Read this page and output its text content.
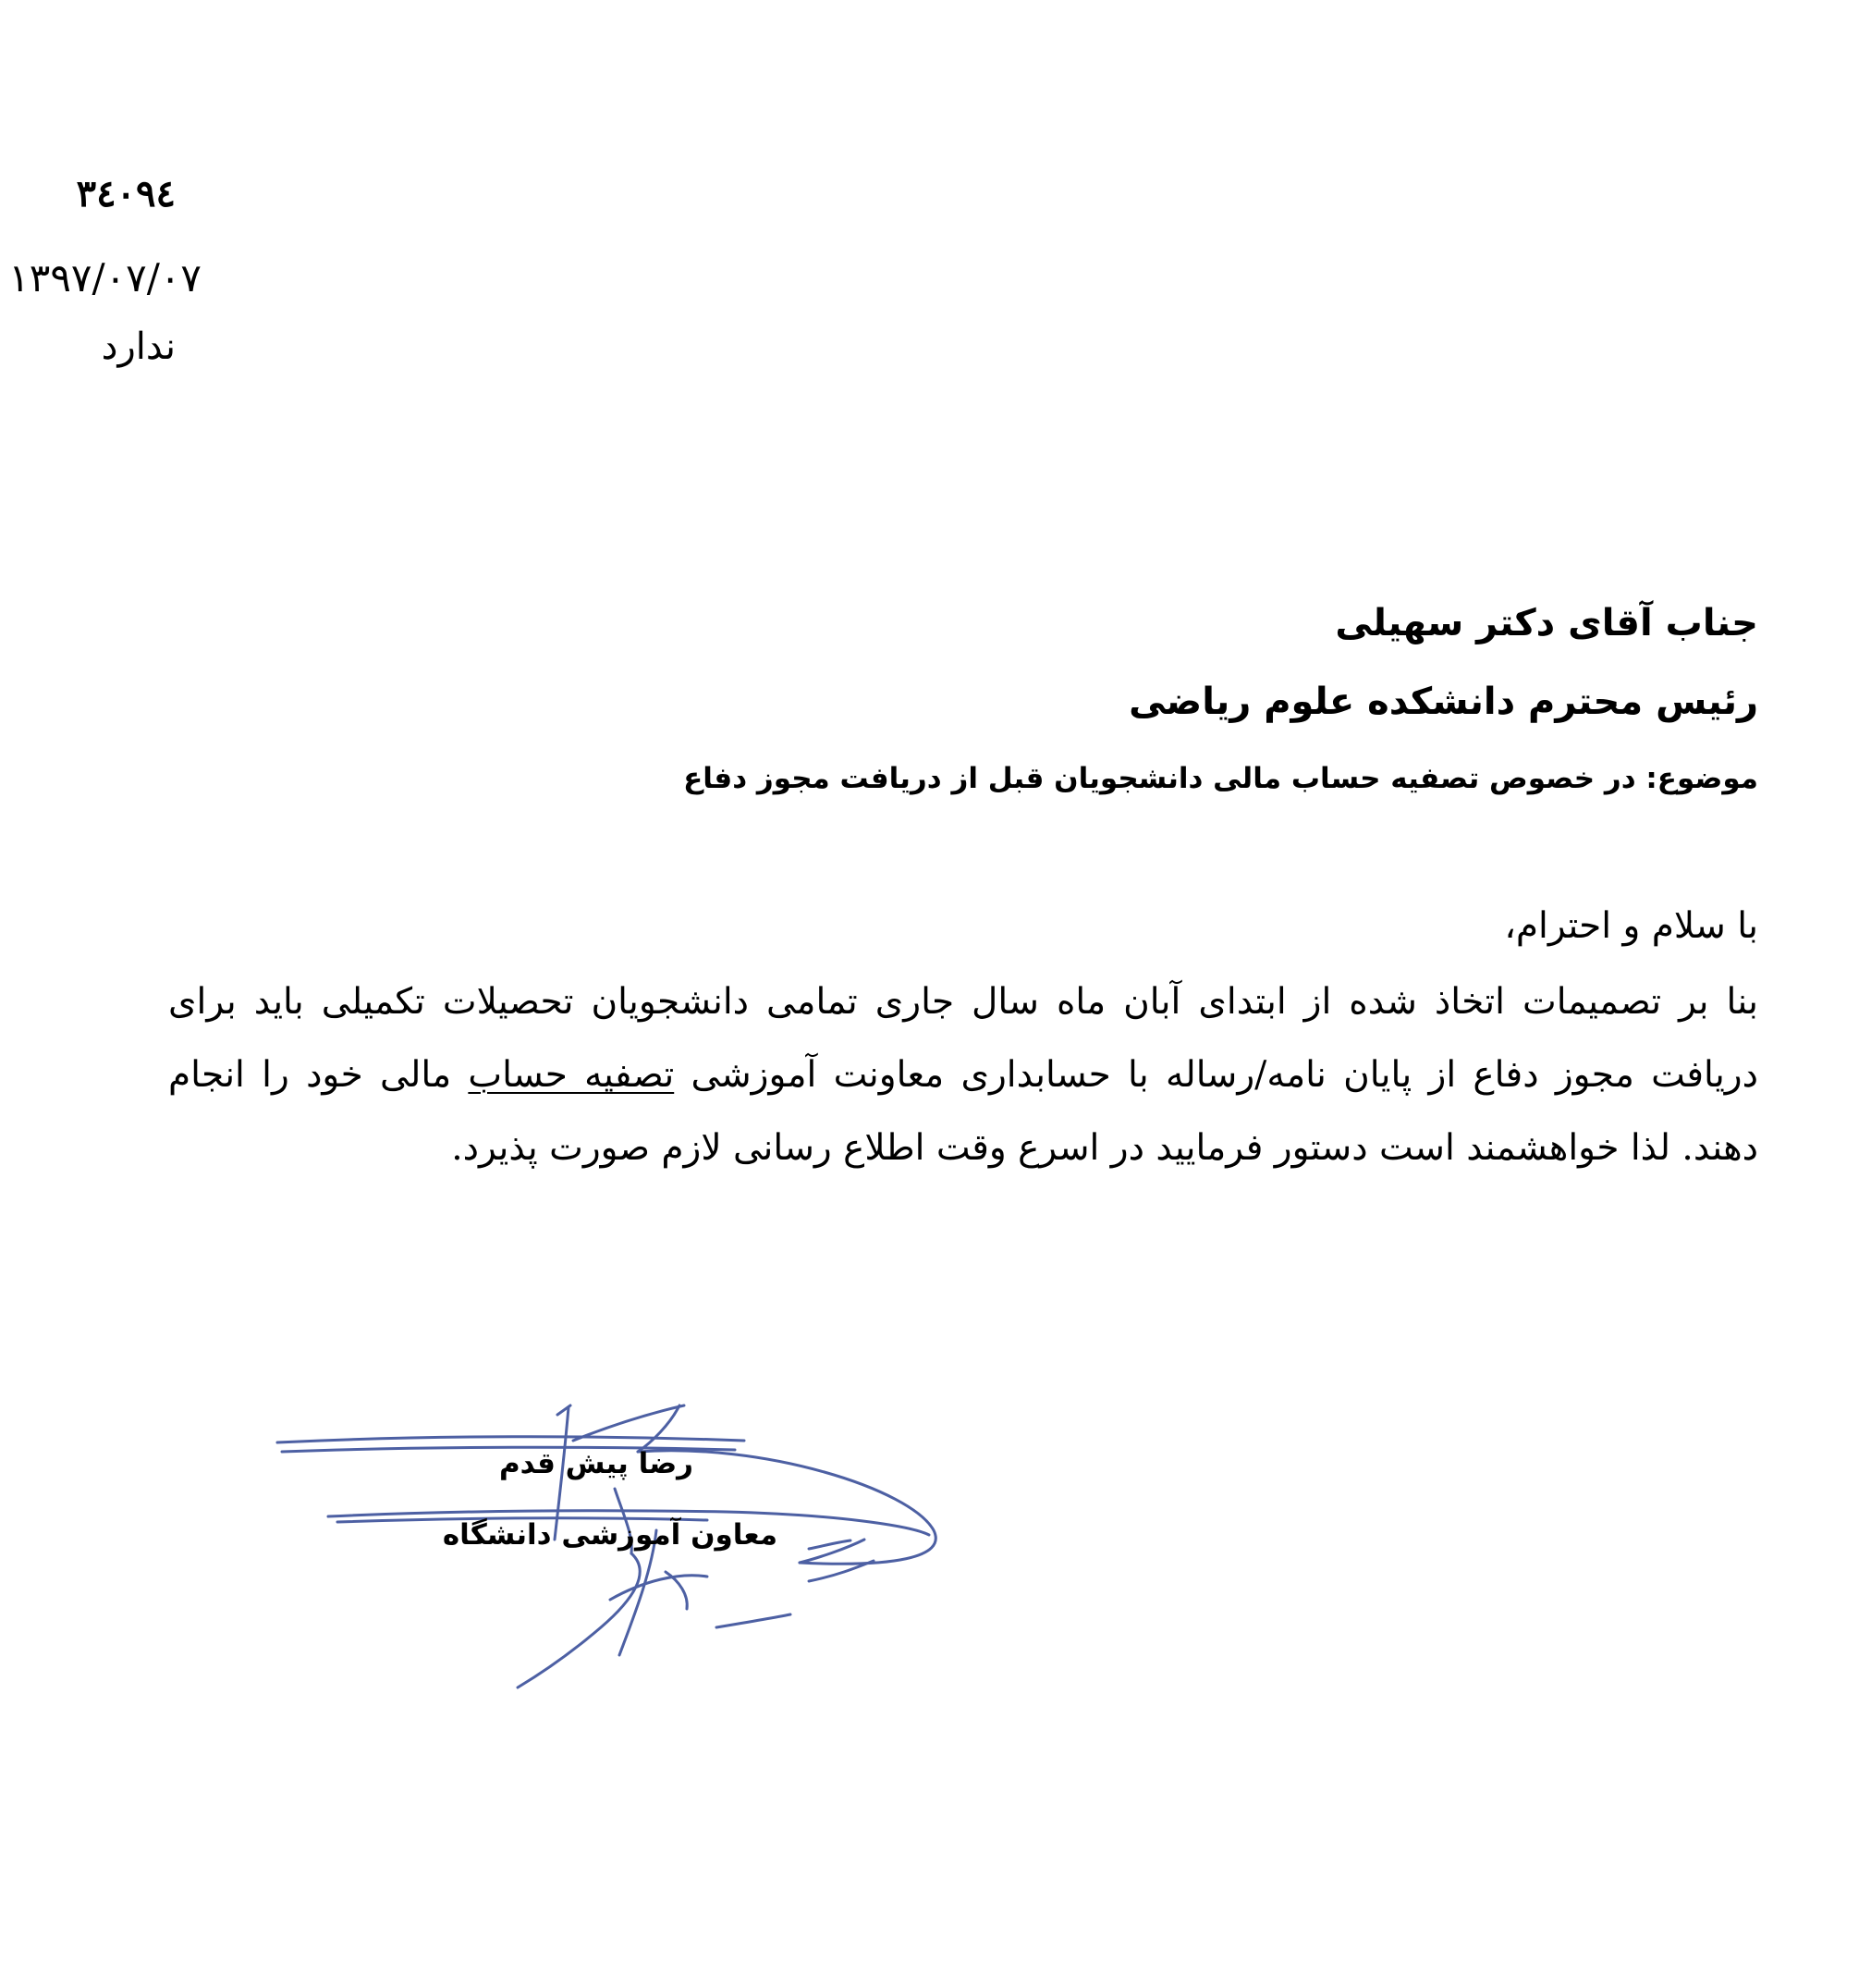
۳٤۰۹٤
۱۳۹۷/۰۷/۰۷
ندارد
جناب آقای دکتر سهیلی
رئیس محترم دانشکده علوم ریاضی
موضوع: در خصوص تصفیه حساب مالی دانشجویان قبل از دریافت مجوز دفاع

با سلام و احترام،

بنا بر تصمیمات اتخاذ شده از ابتدای آبان ماه سال جاری تمامی دانشجویان تحصیلات تکمیلی باید برای دریافت مجوز دفاع از پایان نامه/رساله با حسابداری معاونت آموزشی تصفیه حساب مالی خود را انجام دهند. لذا خواهشمند است دستور فرمایید در اسرع وقت اطلاع رسانی لازم صورت پذیرد.

رضا پیش قدم
معاون آموزشی دانشگاه
